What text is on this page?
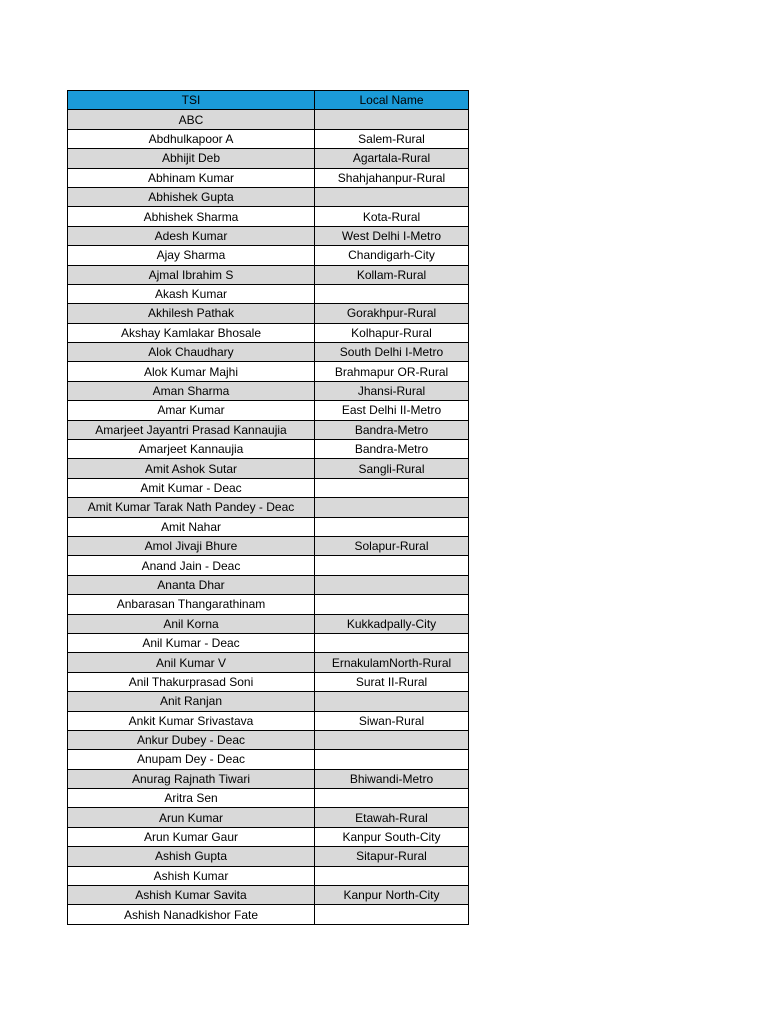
TSI	Local Name
ABC	
Abdhulkapoor A	Salem-Rural
Abhijit Deb	Agartala-Rural
Abhinam Kumar	Shahjahanpur-Rural
Abhishek Gupta	
Abhishek Sharma	Kota-Rural
Adesh Kumar	West Delhi I-Metro
Ajay Sharma	Chandigarh-City
Ajmal Ibrahim S	Kollam-Rural
Akash Kumar	
Akhilesh Pathak	Gorakhpur-Rural
Akshay Kamlakar Bhosale	Kolhapur-Rural
Alok Chaudhary	South Delhi I-Metro
Alok Kumar Majhi	Brahmapur OR-Rural
Aman Sharma	Jhansi-Rural
Amar Kumar	East Delhi II-Metro
Amarjeet Jayantri Prasad Kannaujia	Bandra-Metro
Amarjeet Kannaujia	Bandra-Metro
Amit Ashok Sutar	Sangli-Rural
Amit Kumar - Deac	
Amit Kumar Tarak Nath Pandey - Deac	
Amit Nahar	
Amol Jivaji Bhure	Solapur-Rural
Anand Jain - Deac	
Ananta Dhar	
Anbarasan Thangarathinam	
Anil Korna	Kukkadpally-City
Anil Kumar - Deac	
Anil Kumar V	ErnakulamNorth-Rural
Anil Thakurprasad Soni	Surat II-Rural
Anit Ranjan	
Ankit Kumar Srivastava	Siwan-Rural
Ankur Dubey - Deac	
Anupam Dey - Deac	
Anurag Rajnath Tiwari	Bhiwandi-Metro
Aritra Sen	
Arun Kumar	Etawah-Rural
Arun Kumar Gaur	Kanpur South-City
Ashish Gupta	Sitapur-Rural
Ashish Kumar	
Ashish Kumar Savita	Kanpur North-City
Ashish Nanadkishor Fate	
